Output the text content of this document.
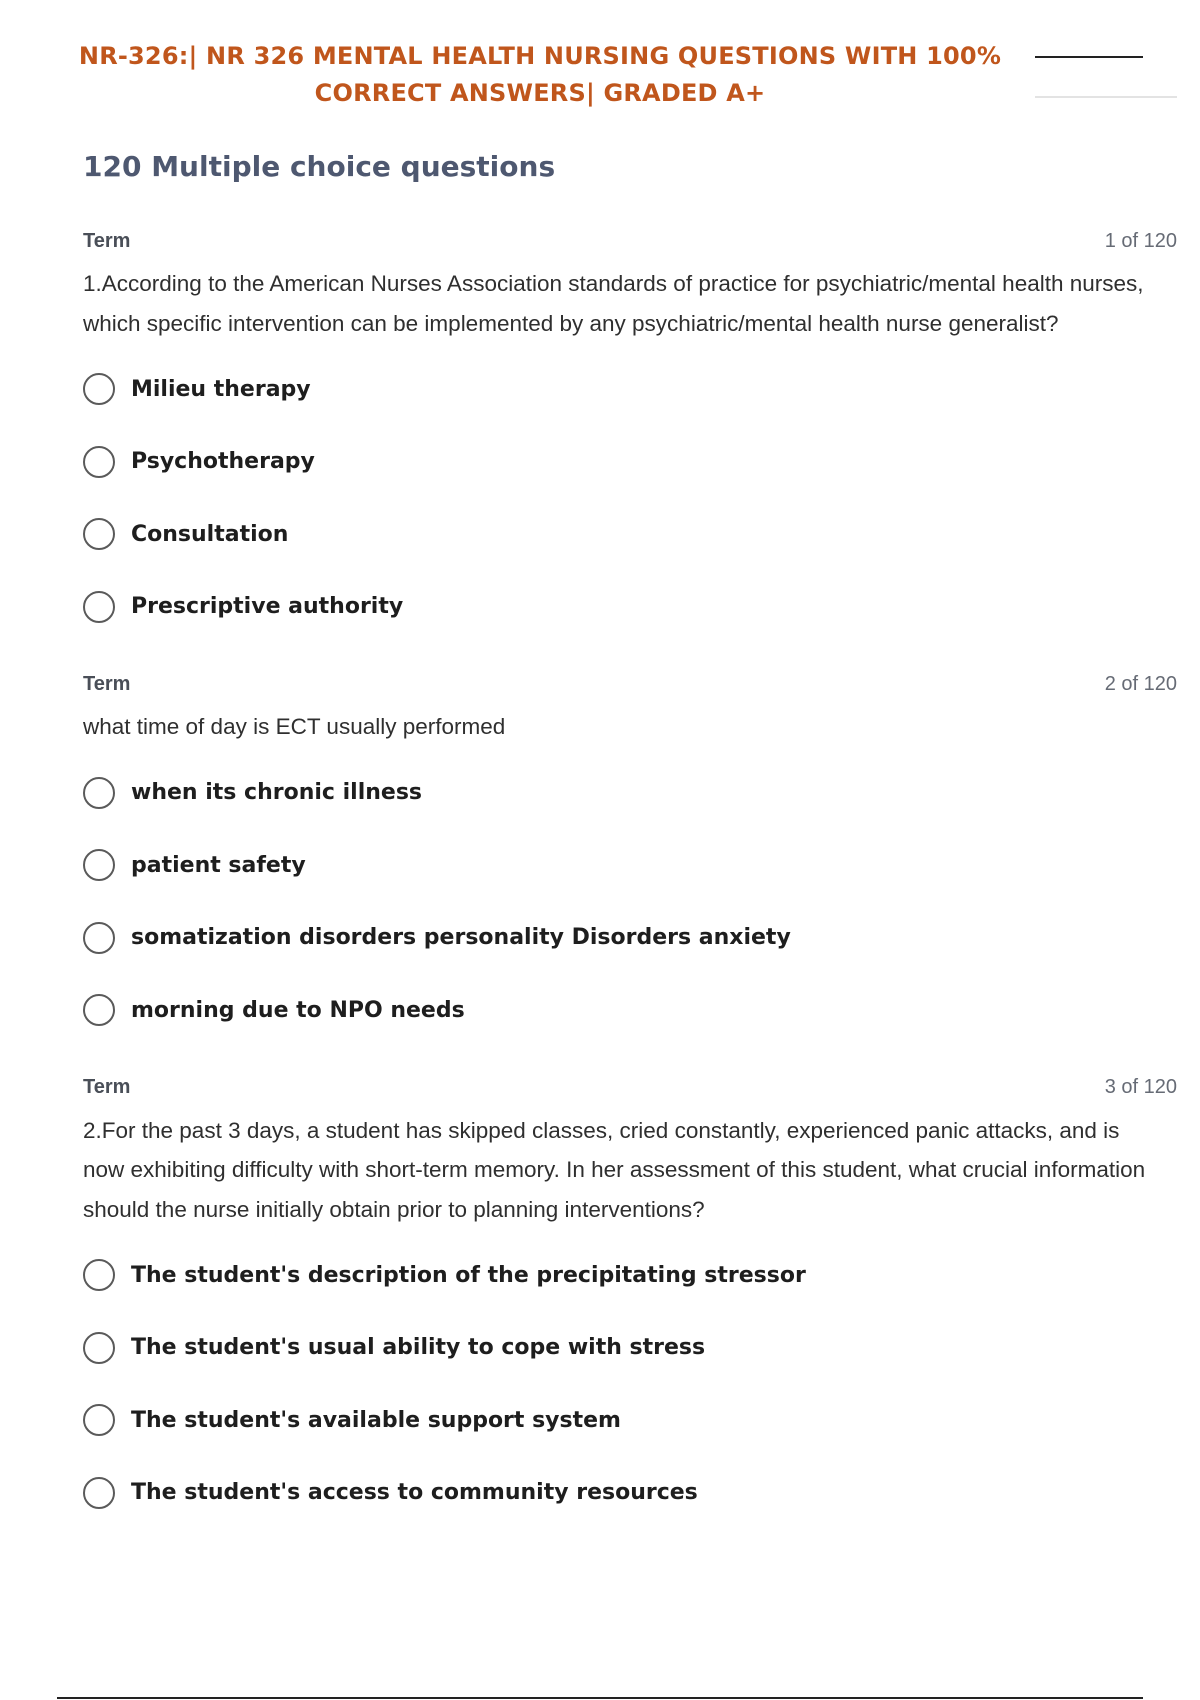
NR-326:| NR 326 MENTAL HEALTH NURSING QUESTIONS WITH 100%
CORRECT ANSWERS| GRADED A+
120 Multiple choice questions
Term	1 of 120
1.According to the American Nurses Association standards of practice for psychiatric/mental health nurses, which specific intervention can be implemented by any psychiatric/mental health nurse generalist?
Milieu therapy
Psychotherapy
Consultation
Prescriptive authority
Term	2 of 120
what time of day is ECT usually performed
when its chronic illness
patient safety
somatization disorders personality Disorders anxiety
morning due to NPO needs
Term	3 of 120
2.For the past 3 days, a student has skipped classes, cried constantly, experienced panic attacks, and is now exhibiting difficulty with short-term memory. In her assessment of this student, what crucial information should the nurse initially obtain prior to planning interventions?
The student's description of the precipitating stressor
The student's usual ability to cope with stress
The student's available support system
The student's access to community resources
